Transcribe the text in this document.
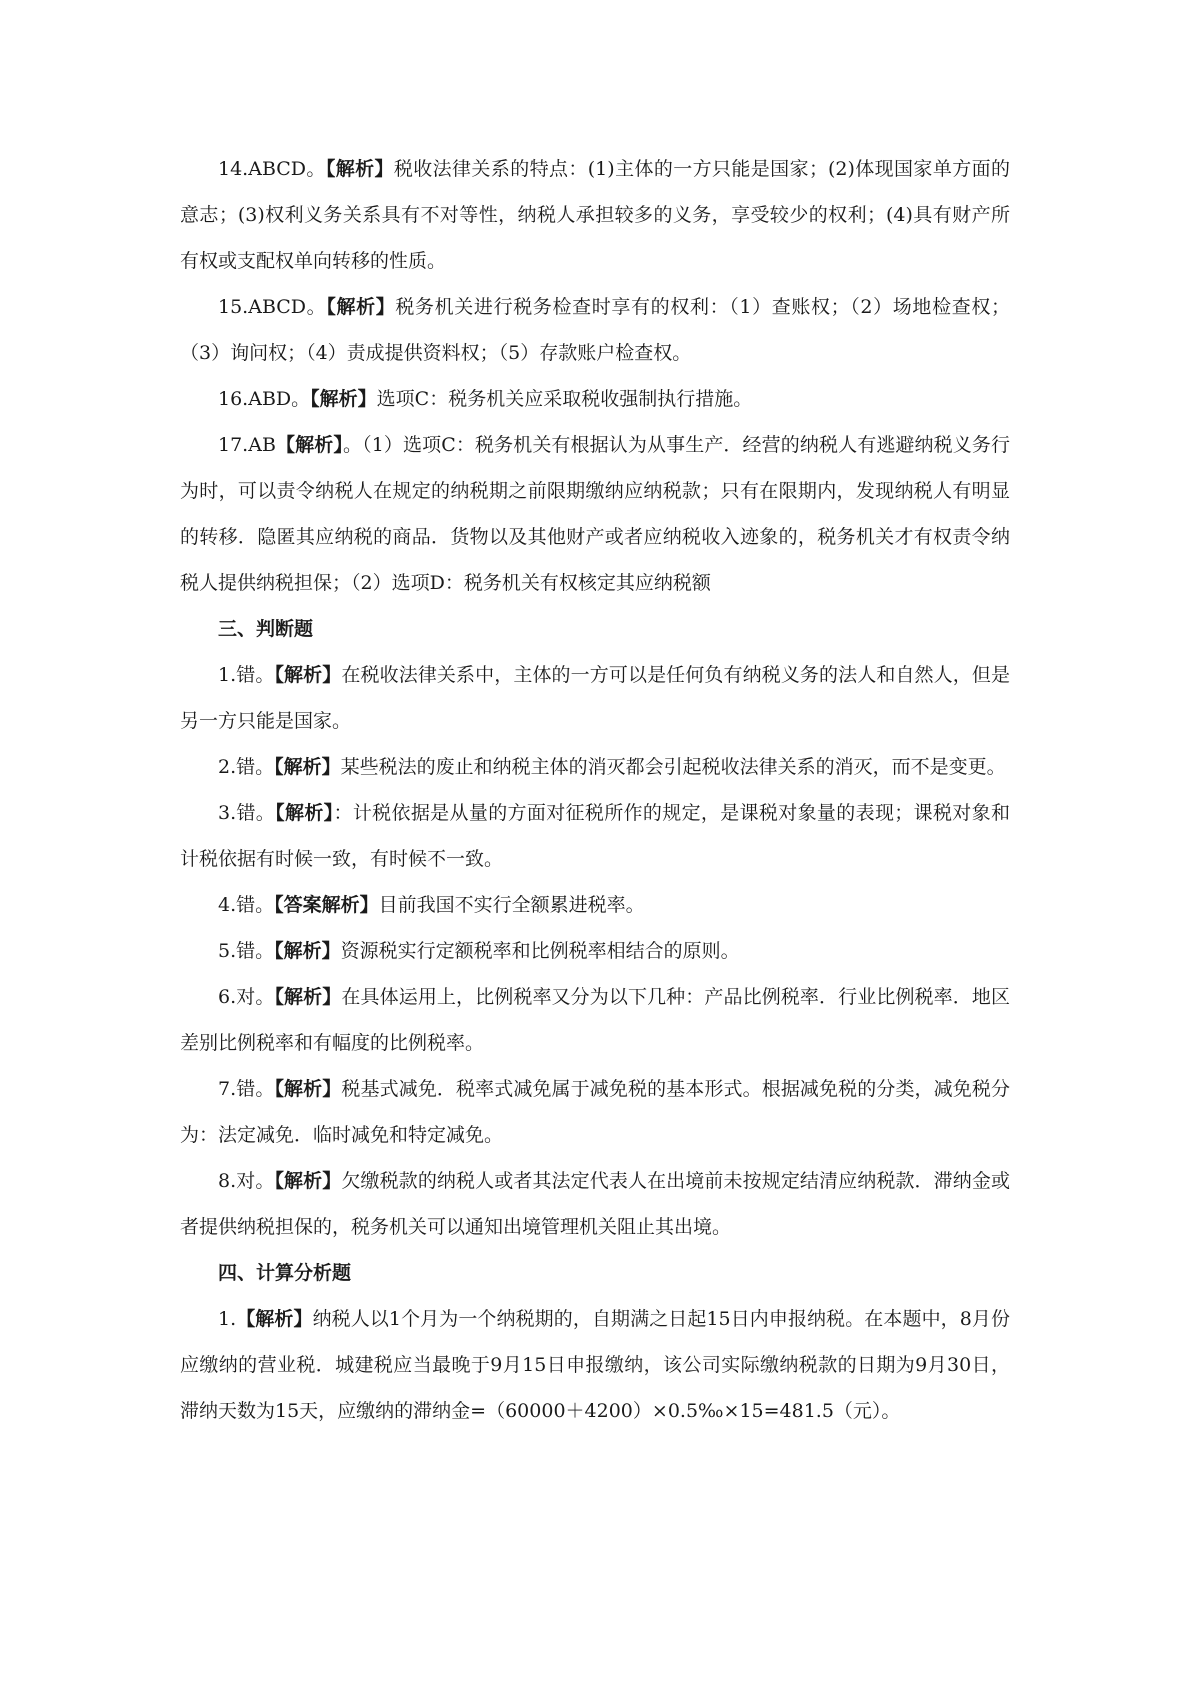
14.ABCD。【解析】税收法律关系的特点：(1)主体的一方只能是国家；(2)体现国家单方面的意志；(3)权利义务关系具有不对等性，纳税人承担较多的义务，享受较少的权利；(4)具有财产所有权或支配权单向转移的性质。

15.ABCD。【解析】税务机关进行税务检查时享有的权利：（1）查账权；（2）场地检查权；（3）询问权；（4）责成提供资料权；（5）存款账户检查权。

16.ABD。【解析】选项C：税务机关应采取税收强制执行措施。

17.AB【解析】。（1）选项C：税务机关有根据认为从事生产．经营的纳税人有逃避纳税义务行为时，可以责令纳税人在规定的纳税期之前限期缴纳应纳税款；只有在限期内，发现纳税人有明显的转移．隐匿其应纳税的商品．货物以及其他财产或者应纳税收入迹象的，税务机关才有权责令纳税人提供纳税担保；（2）选项D：税务机关有权核定其应纳税额

三、判断题

1.错。【解析】在税收法律关系中，主体的一方可以是任何负有纳税义务的法人和自然人，但是另一方只能是国家。

2.错。【解析】某些税法的废止和纳税主体的消灭都会引起税收法律关系的消灭，而不是变更。

3.错。【解析】：计税依据是从量的方面对征税所作的规定，是课税对象量的表现；课税对象和计税依据有时候一致，有时候不一致。

4.错。【答案解析】目前我国不实行全额累进税率。

5.错。【解析】资源税实行定额税率和比例税率相结合的原则。

6.对。【解析】在具体运用上，比例税率又分为以下几种：产品比例税率．行业比例税率．地区差别比例税率和有幅度的比例税率。

7.错。【解析】税基式减免．税率式减免属于减免税的基本形式。根据减免税的分类，减免税分为：法定减免．临时减免和特定减免。

8.对。【解析】欠缴税款的纳税人或者其法定代表人在出境前未按规定结清应纳税款．滞纳金或者提供纳税担保的，税务机关可以通知出境管理机关阻止其出境。

四、计算分析题

1.【解析】纳税人以1个月为一个纳税期的，自期满之日起15日内申报纳税。在本题中，8月份应缴纳的营业税．城建税应当最晚于9月15日申报缴纳，该公司实际缴纳税款的日期为9月30日，滞纳天数为15天，应缴纳的滞纳金=（60000＋4200）×0.5‰×15=481.5（元）。
